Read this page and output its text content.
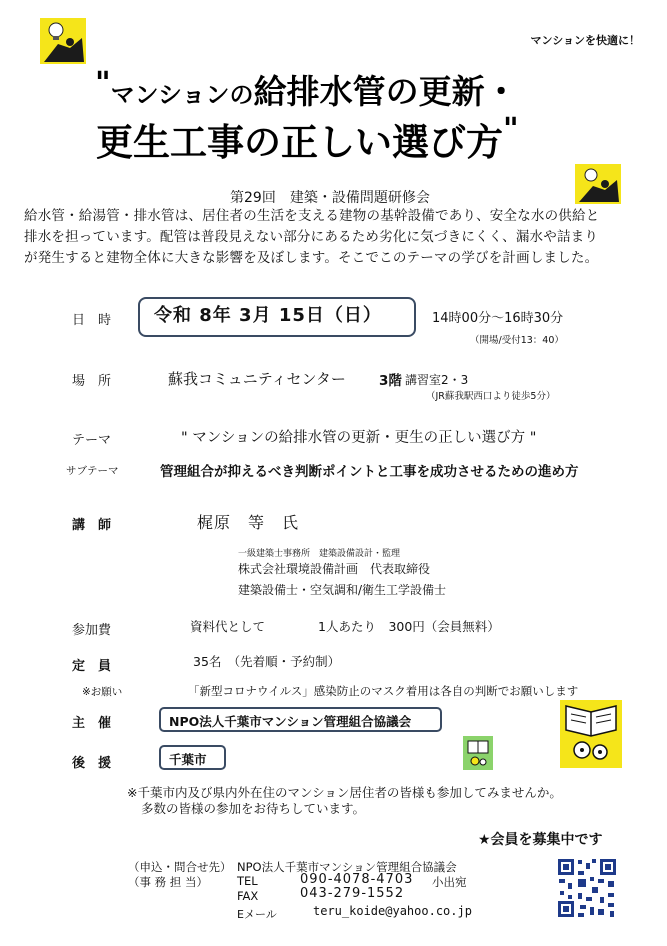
マンションを快適に！
"マンションの給排水管の更新・
更生工事の正しい選び方"
第29回　建築・設備問題研修会
給水管・給湯管・排水管は、居住者の生活を支える建物の基幹設備であり、安全な水の供給と
排水を担っています。配管は普段見えない部分にあるため劣化に気づきにくく、漏水や詰まり
が発生すると建物全体に大きな影響を及ぼします。そこでこのテーマの学びを計画しました。
日　時	令和 8年 3月 15日（日）	14時00分～16時30分
（開場/受付13：40）
場　所	蘇我コミュニティセンター 3階 講習室2・3
（JR蘇我駅西口より徒歩5分）
テーマ	" マンションの給排水管の更新・更生の正しい選び方 "
サブテーマ	管理組合が抑えるべき判断ポイントと工事を成功させるための進め方
講　師	梶原　等　氏
一級建築士事務所　建築設備設計・監理
株式会社環境設備計画　代表取締役
建築設備士・空気調和/衛生工学設備士
参加費	資料代として	1人あたり　300円（会員無料）
定　員	35名　（先着順・予約制）
※お願い	「新型コロナウイルス」感染防止のマスク着用は各自の判断でお願いします
主　催	NPO法人千葉市マンション管理組合協議会
後　援	千葉市
※千葉市内及び県内外在住のマンション居住者の皆様も参加してみませんか。
多数の皆様の参加をお待ちしています。
★会員を募集中です
（申込・問合せ先）
（事 務 担 当）
NPO法人千葉市マンション管理組合協議会
TEL	090-4078-4703 小出宛
FAX	043-279-1552
Eメール	teru_koide@yahoo.co.jp
